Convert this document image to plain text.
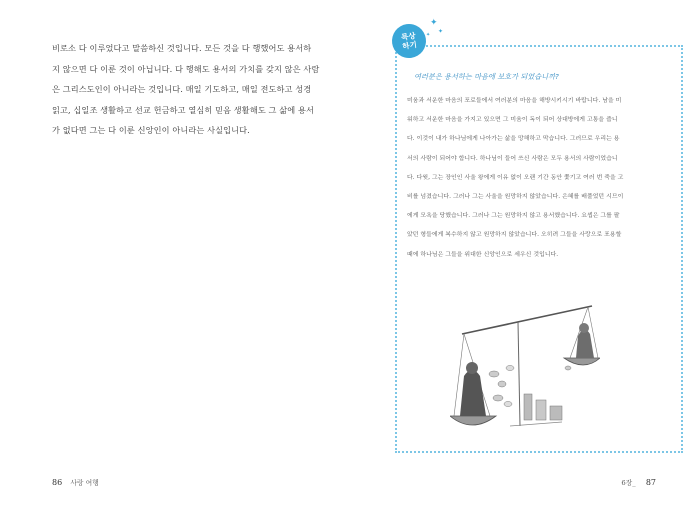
비로소 다 이루었다고 말씀하신 것입니다. 모든 것을 다 행했어도 용서하
지 않으면 다 이룬 것이 아닙니다. 다 행해도 용서의 가치를 갖지 않은 사람
은 그리스도인이 아니라는 것입니다. 매일 기도하고, 매일 전도하고 성경
읽고, 십일조 생활하고 선교 헌금하고 열심히 믿음 생활해도 그 삶에 용서
가 없다면 그는 다 이룬 신앙인이 아니라는 사실입니다.
86 사랑 여행
묵상
하기
✦
✦
✦
여러분은 용서하는 마음에 보호가 되었습니까?
미움과 서운한 마음의 포로들에서 여러분의 마음을 해방시키시기 바랍니다. 남을 미
워하고 서운한 마음을 가지고 있으면 그 미움이 독이 되어 상대방에게 고통을 줍니
다. 이것이 내가 하나님에게 나아가는 삶을 망해하고 막습니다. 그러므로 우리는 용
서의 사람이 되어야 합니다. 하나님이 들어 쓰신 사람은 모두 용서의 사람이었습니
다. 다윗, 그는 장인인 사울 왕에게 이유 없이 오랜 기간 동안 쫓기고 여러 번 죽을 고
비를 넘겼습니다. 그러나 그는 사울을 원망하지 않았습니다. 은혜를 배풀었던 시므이
에게 모욕을 당했습니다. 그러나 그는 원망하지 않고 용서했습니다. 요셉은 그를 팔
았던 형들에게 복수하지 않고 원망하지 않았습니다. 오히려 그들을 사랑으로 포용할
때에 하나님은 그들을 위대한 신앙인으로 세우신 것입니다.
6장_ 87
